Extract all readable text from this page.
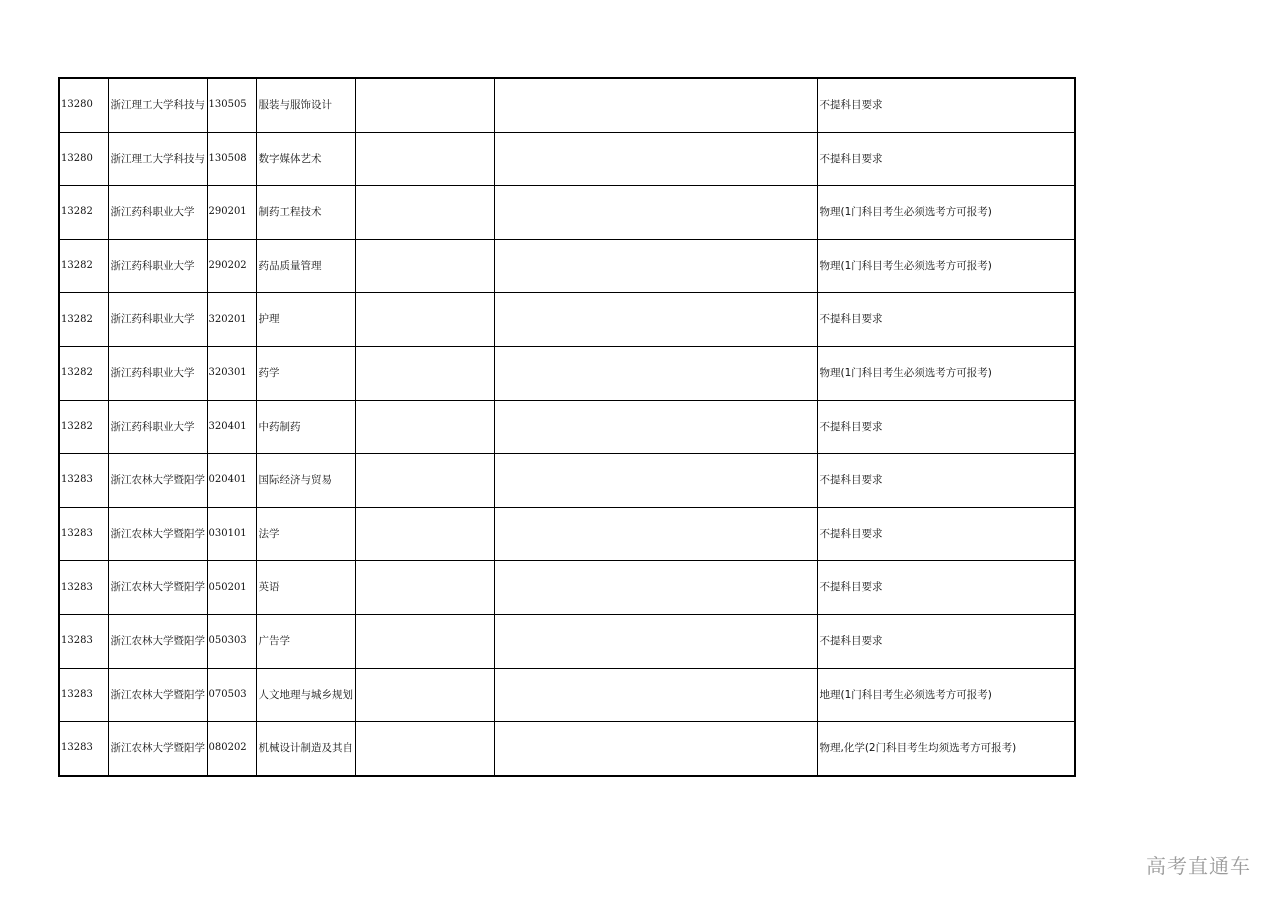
13280	浙江理工大学科技与	130505	服装与服饰设计			不提科目要求
13280	浙江理工大学科技与	130508	数字媒体艺术			不提科目要求
13282	浙江药科职业大学	290201	制药工程技术			物理(1门科目考生必须选考方可报考)
13282	浙江药科职业大学	290202	药品质量管理			物理(1门科目考生必须选考方可报考)
13282	浙江药科职业大学	320201	护理			不提科目要求
13282	浙江药科职业大学	320301	药学			物理(1门科目考生必须选考方可报考)
13282	浙江药科职业大学	320401	中药制药			不提科目要求
13283	浙江农林大学暨阳学	020401	国际经济与贸易			不提科目要求
13283	浙江农林大学暨阳学	030101	法学			不提科目要求
13283	浙江农林大学暨阳学	050201	英语			不提科目要求
13283	浙江农林大学暨阳学	050303	广告学			不提科目要求
13283	浙江农林大学暨阳学	070503	人文地理与城乡规划			地理(1门科目考生必须选考方可报考)
13283	浙江农林大学暨阳学	080202	机械设计制造及其自			物理,化学(2门科目考生均须选考方可报考)
高考直通车
